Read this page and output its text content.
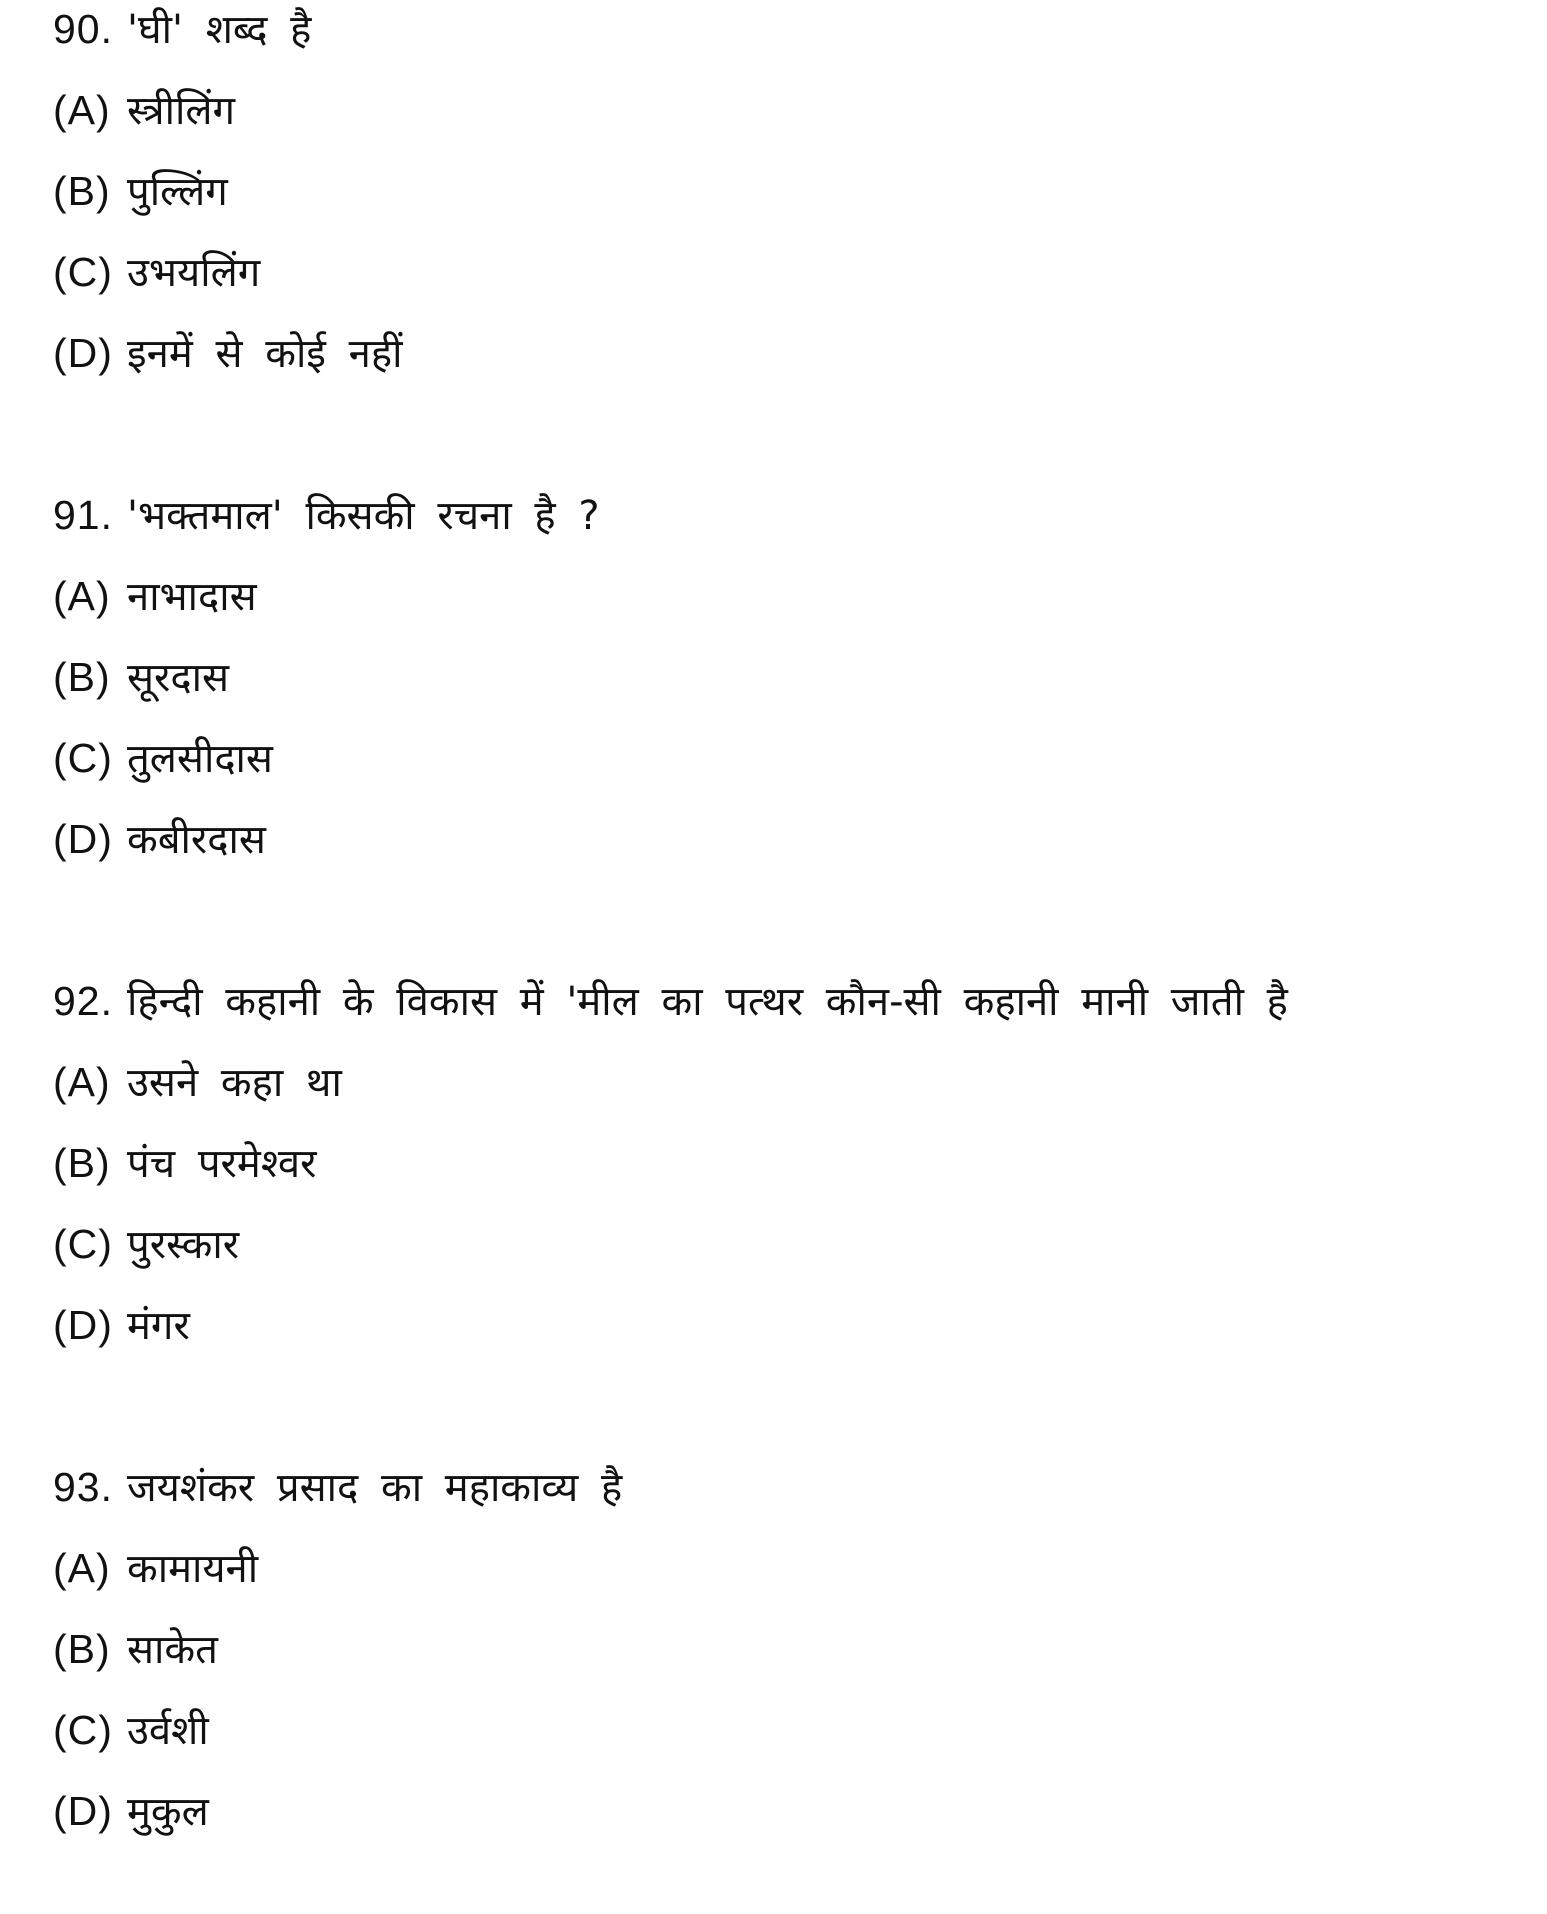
90. 'घी' शब्द है
(A) स्त्रीलिंग
(B) पुल्लिंग
(C) उभयलिंग
(D) इनमें से कोई नहीं
91. 'भक्तमाल' किसकी रचना है ?
(A) नाभादास
(B) सूरदास
(C) तुलसीदास
(D) कबीरदास
92. हिन्दी कहानी के विकास में 'मील का पत्थर कौन-सी कहानी मानी जाती है
(A) उसने कहा था
(B) पंच परमेश्वर
(C) पुरस्कार
(D) मंगर
93. जयशंकर प्रसाद का महाकाव्य है
(A) कामायनी
(B) साकेत
(C) उर्वशी
(D) मुकुल
